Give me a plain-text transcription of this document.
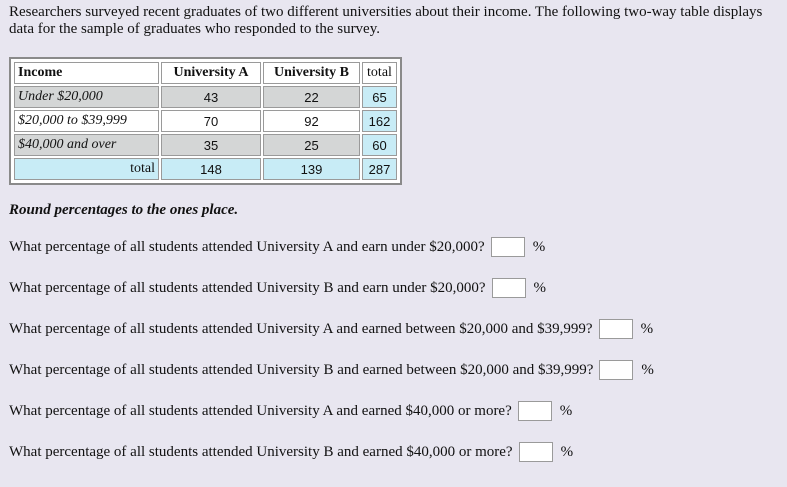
Researchers surveyed recent graduates of two different universities about their income. The following two-way table displays data for the sample of graduates who responded to the survey.

Income	University A	University B	total
Under $20,000	43	22	65
$20,000 to $39,999	70	92	162
$40,000 and over	35	25	60
total	148	139	287

Round percentages to the ones place.

What percentage of all students attended University A and earn under $20,000?	%
What percentage of all students attended University B and earn under $20,000?	%
What percentage of all students attended University A and earned between $20,000 and $39,999?	%
What percentage of all students attended University B and earned between $20,000 and $39,999?	%
What percentage of all students attended University A and earned $40,000 or more?	%
What percentage of all students attended University B and earned $40,000 or more?	%
